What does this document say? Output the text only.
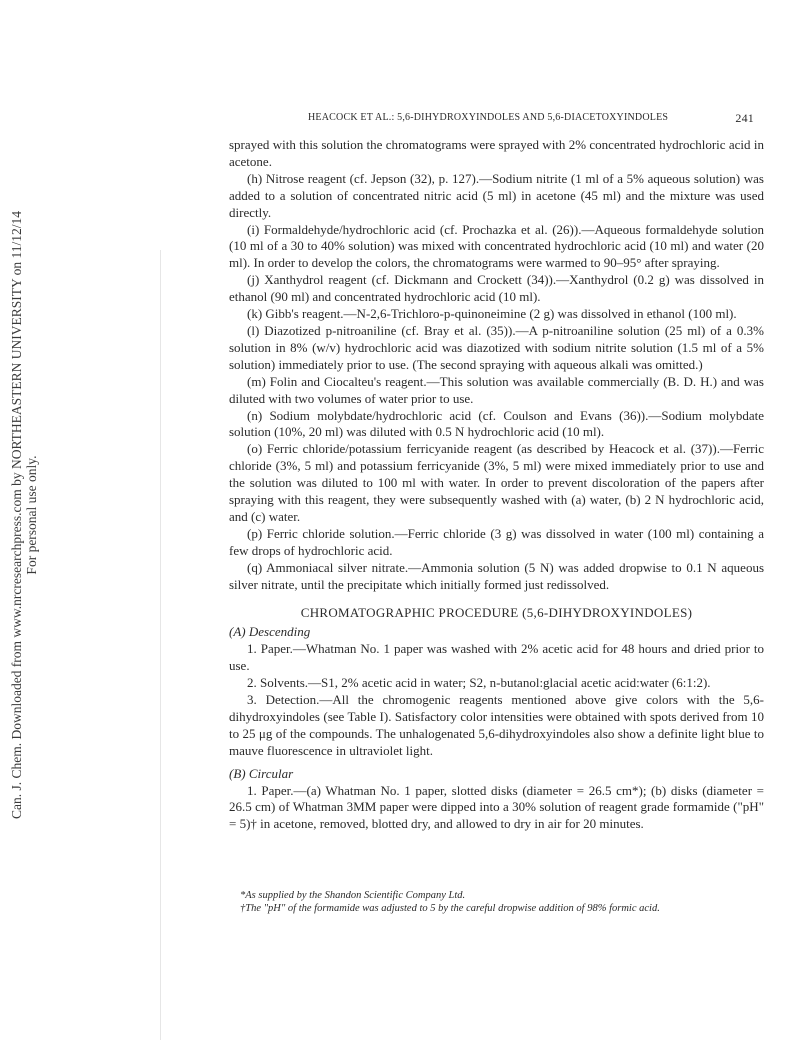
Can. J. Chem. Downloaded from www.nrcresearchpress.com by NORTHEASTERN UNIVERSITY on 11/12/14 For personal use only.
HEACOCK ET AL.: 5,6-DIHYDROXYINDOLES AND 5,6-DIACETOXYINDOLES	241

sprayed with this solution the chromatograms were sprayed with 2% concentrated hydrochloric acid in acetone.

(h) Nitrose reagent (cf. Jepson (32), p. 127).—Sodium nitrite (1 ml of a 5% aqueous solution) was added to a solution of concentrated nitric acid (5 ml) in acetone (45 ml) and the mixture was used directly.

(i) Formaldehyde/hydrochloric acid (cf. Prochazka et al. (26)).—Aqueous formaldehyde solution (10 ml of a 30 to 40% solution) was mixed with concentrated hydrochloric acid (10 ml) and water (20 ml). In order to develop the colors, the chromatograms were warmed to 90–95° after spraying.

(j) Xanthydrol reagent (cf. Dickmann and Crockett (34)).—Xanthydrol (0.2 g) was dissolved in ethanol (90 ml) and concentrated hydrochloric acid (10 ml).

(k) Gibb's reagent.—N-2,6-Trichloro-p-quinoneimine (2 g) was dissolved in ethanol (100 ml).

(l) Diazotized p-nitroaniline (cf. Bray et al. (35)).—A p-nitroaniline solution (25 ml) of a 0.3% solution in 8% (w/v) hydrochloric acid was diazotized with sodium nitrite solution (1.5 ml of a 5% solution) immediately prior to use. (The second spraying with aqueous alkali was omitted.)

(m) Folin and Ciocalteu's reagent.—This solution was available commercially (B. D. H.) and was diluted with two volumes of water prior to use.

(n) Sodium molybdate/hydrochloric acid (cf. Coulson and Evans (36)).—Sodium molybdate solution (10%, 20 ml) was diluted with 0.5 N hydrochloric acid (10 ml).

(o) Ferric chloride/potassium ferricyanide reagent (as described by Heacock et al. (37)).—Ferric chloride (3%, 5 ml) and potassium ferricyanide (3%, 5 ml) were mixed immediately prior to use and the solution was diluted to 100 ml with water. In order to prevent discoloration of the papers after spraying with this reagent, they were subsequently washed with (a) water, (b) 2 N hydrochloric acid, and (c) water.

(p) Ferric chloride solution.—Ferric chloride (3 g) was dissolved in water (100 ml) containing a few drops of hydrochloric acid.

(q) Ammoniacal silver nitrate.—Ammonia solution (5 N) was added dropwise to 0.1 N aqueous silver nitrate, until the precipitate which initially formed just redissolved.

CHROMATOGRAPHIC PROCEDURE (5,6-DIHYDROXYINDOLES)

(A) Descending

1. Paper.—Whatman No. 1 paper was washed with 2% acetic acid for 48 hours and dried prior to use.

2. Solvents.—S1, 2% acetic acid in water; S2, n-butanol:glacial acetic acid:water (6:1:2).

3. Detection.—All the chromogenic reagents mentioned above give colors with the 5,6-dihydroxyindoles (see Table I). Satisfactory color intensities were obtained with spots derived from 10 to 25 μg of the compounds. The unhalogenated 5,6-dihydroxyindoles also show a definite light blue to mauve fluorescence in ultraviolet light.

(B) Circular

1. Paper.—(a) Whatman No. 1 paper, slotted disks (diameter = 26.5 cm*); (b) disks (diameter = 26.5 cm) of Whatman 3MM paper were dipped into a 30% solution of reagent grade formamide ("pH" = 5)† in acetone, removed, blotted dry, and allowed to dry in air for 20 minutes.

*As supplied by the Shandon Scientific Company Ltd.

†The "pH" of the formamide was adjusted to 5 by the careful dropwise addition of 98% formic acid.
